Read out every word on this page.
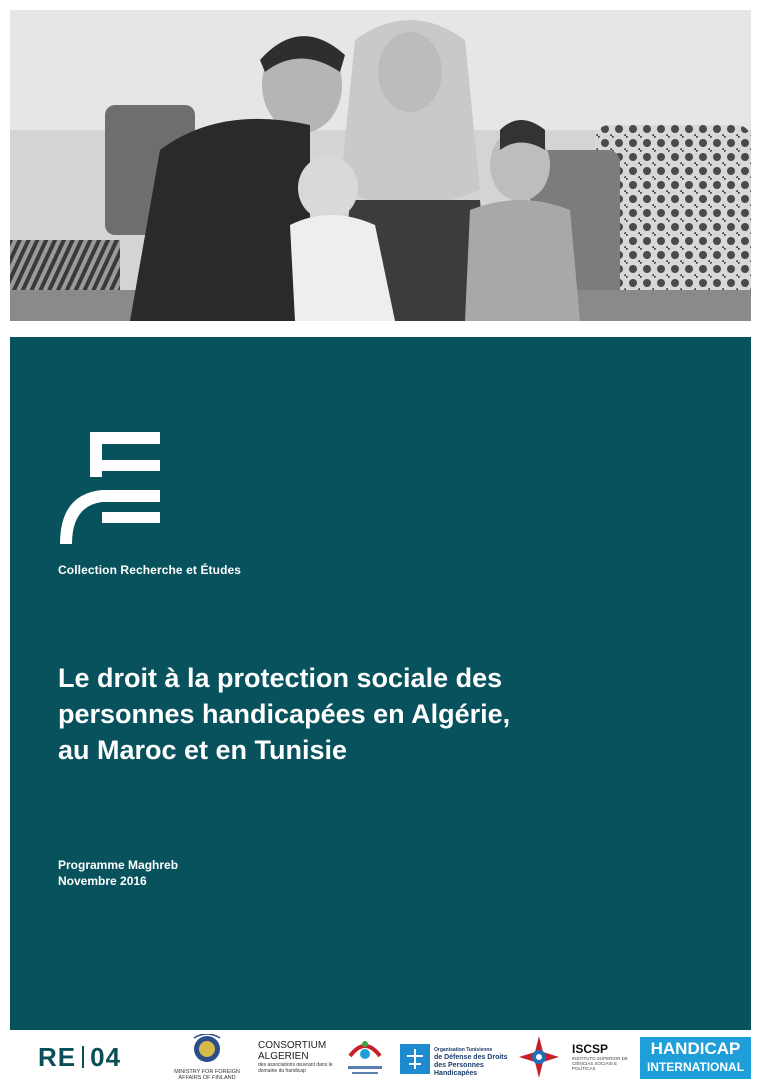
Collection Recherche et Études
Le droit à la protection sociale des
personnes handicapées en Algérie,
au Maroc et en Tunisie
Programme Maghreb
Novembre 2016
RE 04	MINISTRY FOR FOREIGN
AFFAIRS OF FINLAND
CONSORTIUM
ALGERIEN
des associations œuvrant dans le domaine du handicap
Organisation Tunisienne
de Défense des Droits
des Personnes Handicapées
ISCSP
INSTITUTO SUPERIOR DE CIÊNCIAS SOCIAIS E POLÍTICAS
HANDICAP
INTERNATIONAL
